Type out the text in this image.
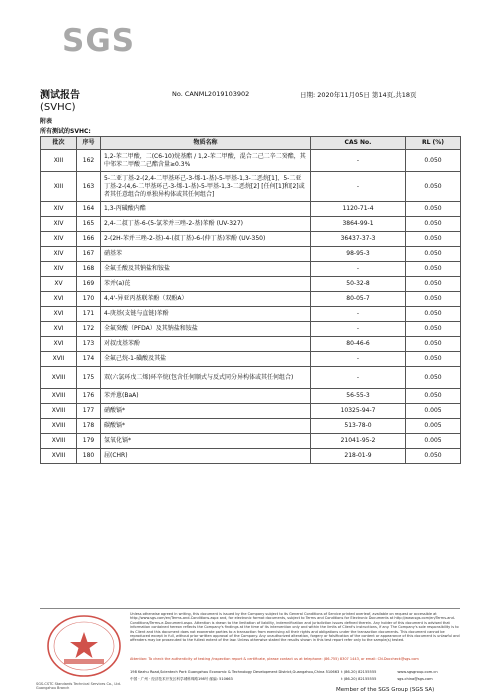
SGS
测试报告
(SVHC)
No. CANML2019103902	日期: 2020年11月05日 第14页,共18页
附表
所有测试的SVHC:
批次	序号	物质名称	CAS No.	RL (%)
XIII	162	1,2-苯二甲酸，二(C6-10)烷基酯 / 1,2-苯二甲酸，混合二己二辛二癸酯，其中邻苯二甲酸二己酯含量≥0.3%	-	0.050
XIII	163	5-二亚丁基-2-(2,4-二甲基环己-3-烯-1-基)-5-甲基-1,3-二恶烷[1]、5-二亚丁基-2-(4,6-二甲基环己-3-烯-1-基)-5-甲基-1,3-二恶烷[2] [任何[1]和[2]或者其任意组合的单独异构体或其任何组合]	-	0.050
XIV	164	1,3-丙磺酸内酯	1120-71-4	0.050
XIV	165	2,4-二叔丁基-6-(5-氯苯并三唑-2-基)苯酚 (UV-327)	3864-99-1	0.050
XIV	166	2-(2H-苯并三唑-2-基)-4-(叔丁基)-6-(仲丁基)苯酚 (UV-350)	36437-37-3	0.050
XIV	167	硝基苯	98-95-3	0.050
XIV	168	全氟壬酸及其钠盐和铵盐	-	0.050
XV	169	苯并(a)芘	50-32-8	0.050
XVI	170	4,4'-异亚丙基联苯酚（双酚A）	80-05-7	0.050
XVI	171	4-庚基(支链与直链)苯酚	-	0.050
XVI	172	全氟癸酸（PFDA）及其钠盐和铵盐	-	0.050
XVI	173	对叔戊基苯酚	80-46-6	0.050
XVII	174	全氟己烷-1-磺酸及其盐	-	0.050
XVIII	175	双(六氯环戊二烯)环辛烷(包含任何顺式与反式同分异构体或其任何组合)	-	0.050
XVIII	176	苯并蒽(BaA)	56-55-3	0.050
XVIII	177	硝酸镉*	10325-94-7	0.005
XVIII	178	碳酸镉*	513-78-0	0.005
XVIII	179	氢氧化镉*	21041-95-2	0.005
XVIII	180	屈(CHR)	218-01-9	0.050
SGS-CSTC Standards Technical Services Co., Ltd. Guangzhou Branch
Unless otherwise agreed in writing, this document is issued by the Company subject to its General Conditions of Service printed overleaf, available on request or accessible at http://www.sgs.com/en/Terms-and-Conditions.aspx and, for electronic format documents, subject to Terms and Conditions for Electronic Documents at http://www.sgs.com/en/Terms-and-Conditions/Terms-e-Document.aspx. Attention is drawn to the limitation of liability, indemnification and jurisdiction issues defined therein. Any holder of this document is advised that information contained hereon reflects the Company's findings at the time of its intervention only and within the limits of Client's instructions, if any. The Company's sole responsibility is to its Client and this document does not exonerate parties to a transaction from exercising all their rights and obligations under the transaction documents. This document cannot be reproduced except in full, without prior written approval of the Company. Any unauthorized alteration, forgery or falsification of the content or appearance of this document is unlawful and offenders may be prosecuted to the fullest extent of the law. Unless otherwise stated the results shown in this test report refer only to the sample(s) tested.
Attention: To check the authenticity of testing /inspection report & certificate, please contact us at telephone: (86-755) 8307 1443, or email: CN.Doccheck@sgs.com
198 Kezhu Road,Scientech Park Guangzhou Economic & Technology Development District,Guangzhou,China 510663 t (86-20) 82155555	www.sgsgroup.com.cn
中国 · 广州 · 经济技术开发区科学城科珠路198号 邮编: 510663	t (86-20) 82155555	sgs.china@sgs.com
Member of the SGS Group (SGS SA)
